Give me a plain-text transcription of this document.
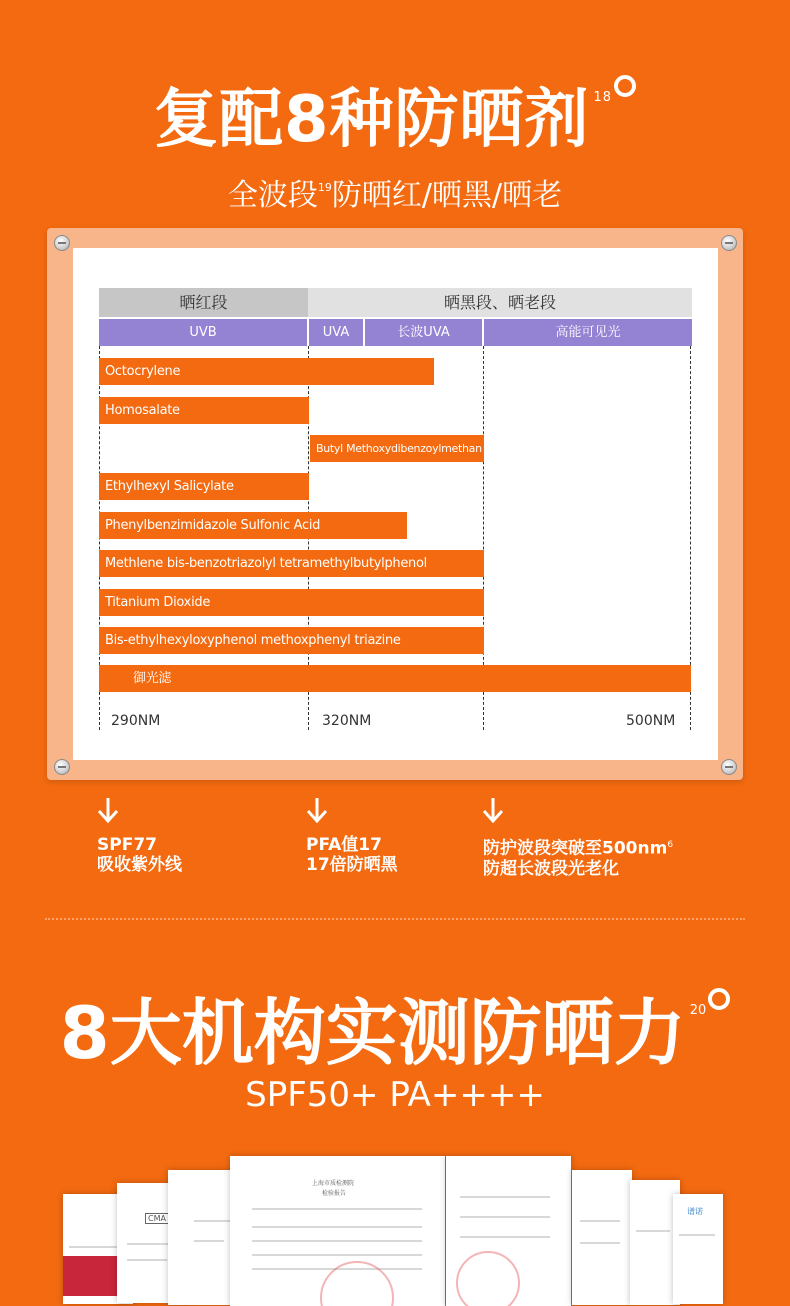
复配8种防晒剂 $^{18}$
全波段$^{19}$防晒红/晒黑/晒老
晒红段	晒黑段、晒老段
UVB	UVA	长波UVA	高能可见光
Octocrylene
Homosalate
Butyl Methoxydibenzoylmethan
Ethylhexyl Salicylate
Phenylbenzimidazole Sulfonic Acid
Methlene bis-benzotriazolyl tetramethylbutylphenol
Titanium Dioxide
Bis-ethylhexyloxyphenol methoxphenyl triazine
御光滤
290NM	320NM	500NM
SPF77
吸收紫外线
PFA值17
17倍防晒黑
防护波段突破至$500nm^6$
防超长波段光老化
8大机构实测防晒力 $^{20}$
SPF50+ PA++++
CMA
上海市质检测院
检验报告
谱诺
